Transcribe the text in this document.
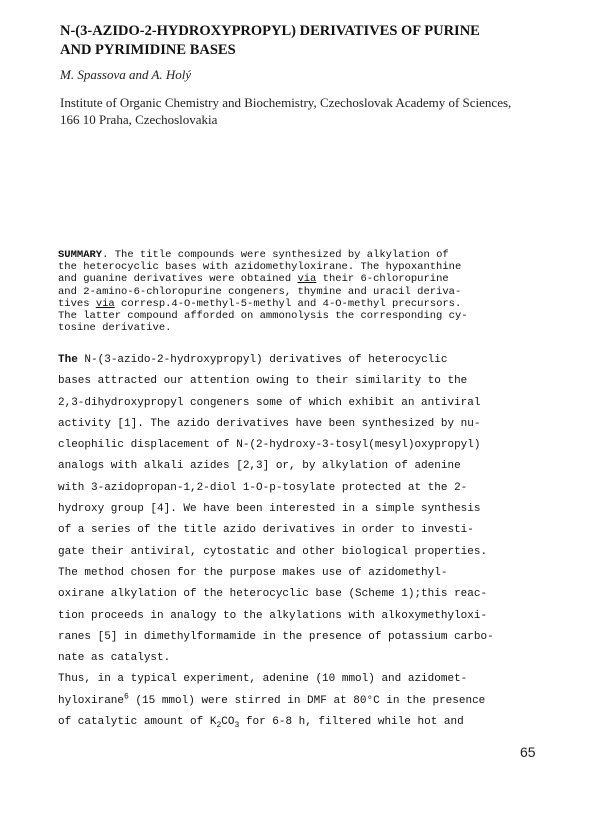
N-(3-AZIDO-2-HYDROXYPROPYL) DERIVATIVES OF PURINE
AND PYRIMIDINE BASES
M. Spassova and A. Holý
Institute of Organic Chemistry and Biochemistry, Czechoslovak Academy of Sciences,
166 10 Praha, Czechoslovakia
SUMMARY. The title compounds were synthesized by alkylation of
the heterocyclic bases with azidomethyloxirane. The hypoxanthine
and guanine derivatives were obtained via their 6-chloropurine
and 2-amino-6-chloropurine congeners, thymine and uracil deriva-
tives via corresp.4-O-methyl-5-methyl and 4-O-methyl precursors.
The latter compound afforded on ammonolysis the corresponding cy-
tosine derivative.
The N-(3-azido-2-hydroxypropyl) derivatives of heterocyclic
bases attracted our attention owing to their similarity to the
2,3-dihydroxypropyl congeners some of which exhibit an antiviral
activity [1]. The azido derivatives have been synthesized by nu-
cleophilic displacement of N-(2-hydroxy-3-tosyl(mesyl)oxypropyl)
analogs with alkali azides [2,3] or, by alkylation of adenine
with 3-azidopropan-1,2-diol 1-O-p-tosylate protected at the 2-
hydroxy group [4]. We have been interested in a simple synthesis
of a series of the title azido derivatives in order to investi-
gate their antiviral, cytostatic and other biological properties.
The method chosen for the purpose makes use of azidomethyl-
oxirane alkylation of the heterocyclic base (Scheme 1);this reac-
tion proceeds in analogy to the alkylations with alkoxymethyloxi-
ranes [5] in dimethylformamide in the presence of potassium carbo-
nate as catalyst.
Thus, in a typical experiment, adenine (10 mmol) and azidomet-
hyloxirane$^6$ (15 mmol) were stirred in DMF at 80°C in the presence
of catalytic amount of $K_2CO_3$ for 6-8 h, filtered while hot and
65
